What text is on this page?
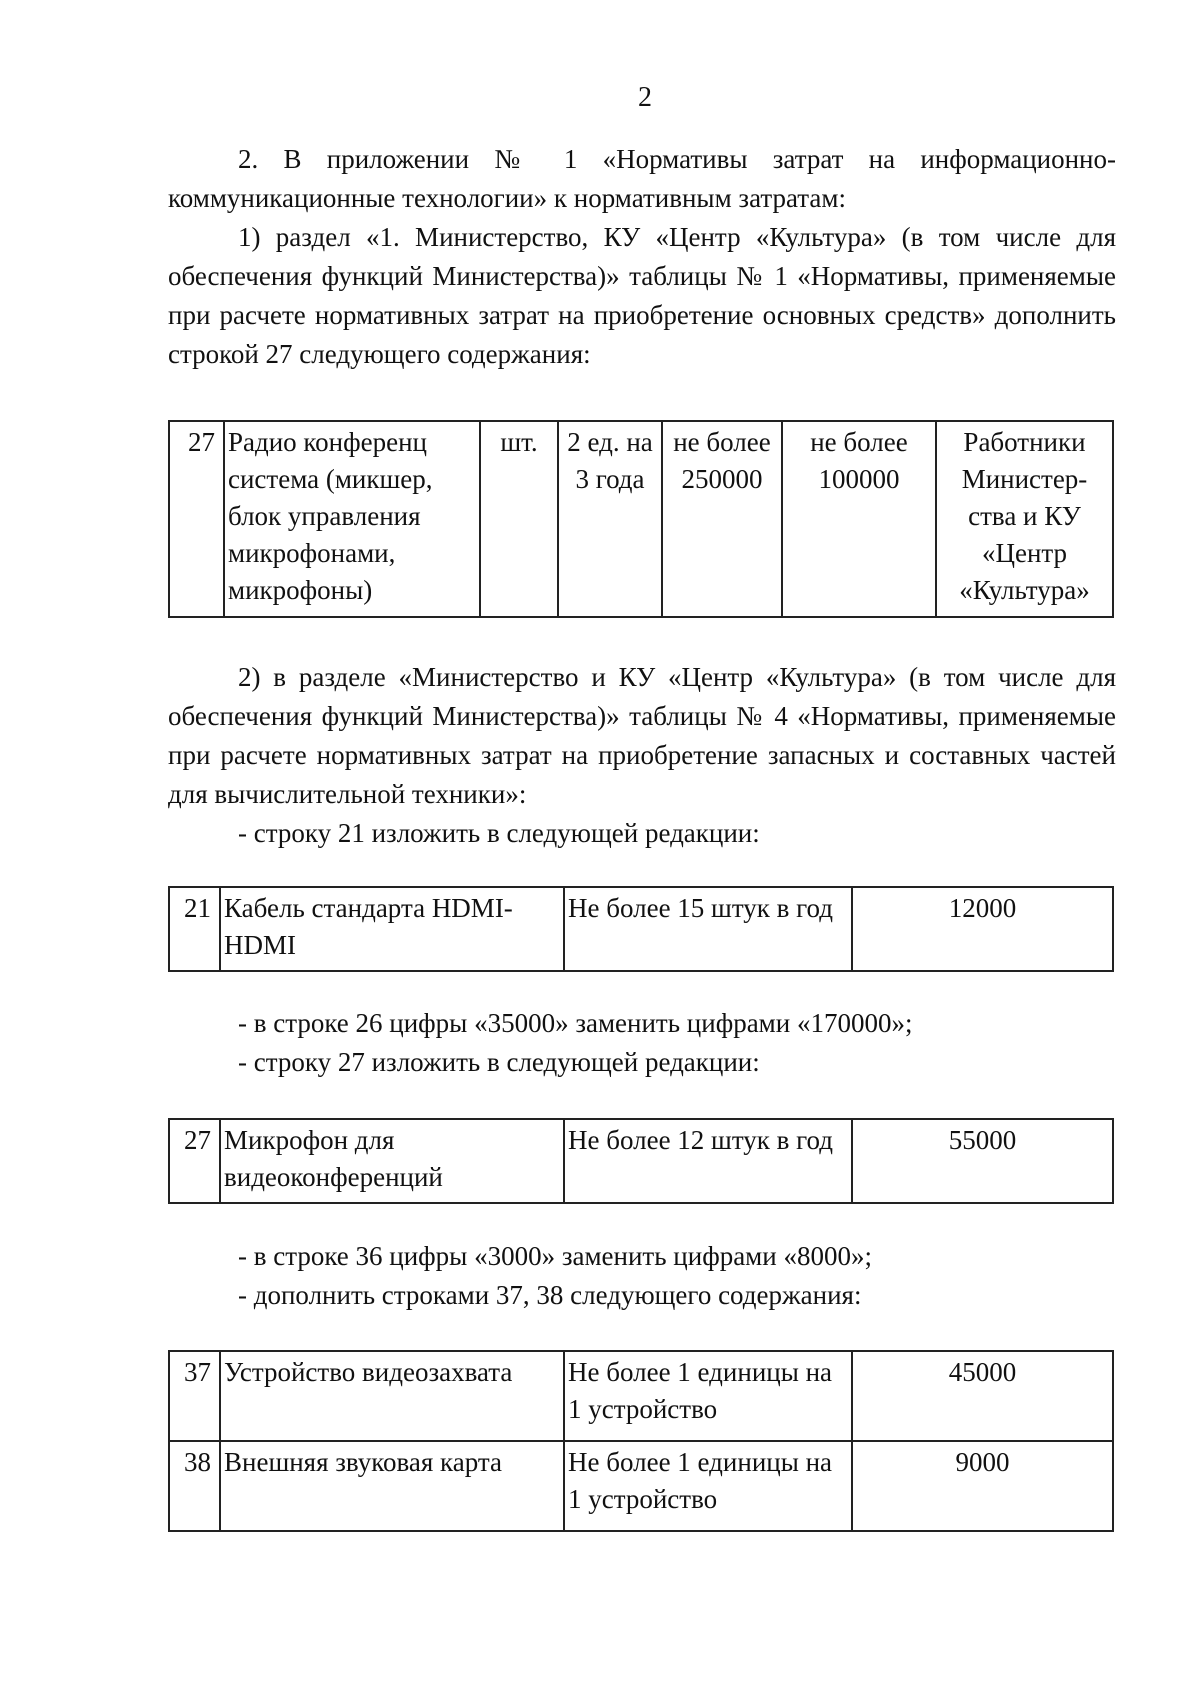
2

2. В приложении № 1 «Нормативы затрат на информационно-коммуникационные технологии» к нормативным затратам:

1) раздел «1. Министерство, КУ «Центр «Культура» (в том числе для обеспечения функций Министерства)» таблицы № 1 «Нормативы, применяемые при расчете нормативных затрат на приобретение основных средств» дополнить строкой 27 следующего содержания:

27	Радио конференц система (микшер, блок управления микрофонами, микрофоны)	шт.	2 ед. на 3 года	не более 250000	не более 100000	Работники Министер-ства и КУ «Центр «Культура»

2) в разделе «Министерство и КУ «Центр «Культура» (в том числе для обеспечения функций Министерства)» таблицы № 4 «Нормативы, применяемые при расчете нормативных затрат на приобретение запасных и составных частей для вычислительной техники»:

- строку 21 изложить в следующей редакции:

21	Кабель стандарта HDMI-HDMI	Не более 15 штук в год	12000

- в строке 26 цифры «35000» заменить цифрами «170000»;

- строку 27 изложить в следующей редакции:

27	Микрофон для видеоконференций	Не более 12 штук в год	55000

- в строке 36 цифры «3000» заменить цифрами «8000»;

- дополнить строками 37, 38 следующего содержания:

37	Устройство видеозахвата	Не более 1 единицы на 1 устройство	45000
38	Внешняя звуковая карта	Не более 1 единицы на 1 устройство	9000
